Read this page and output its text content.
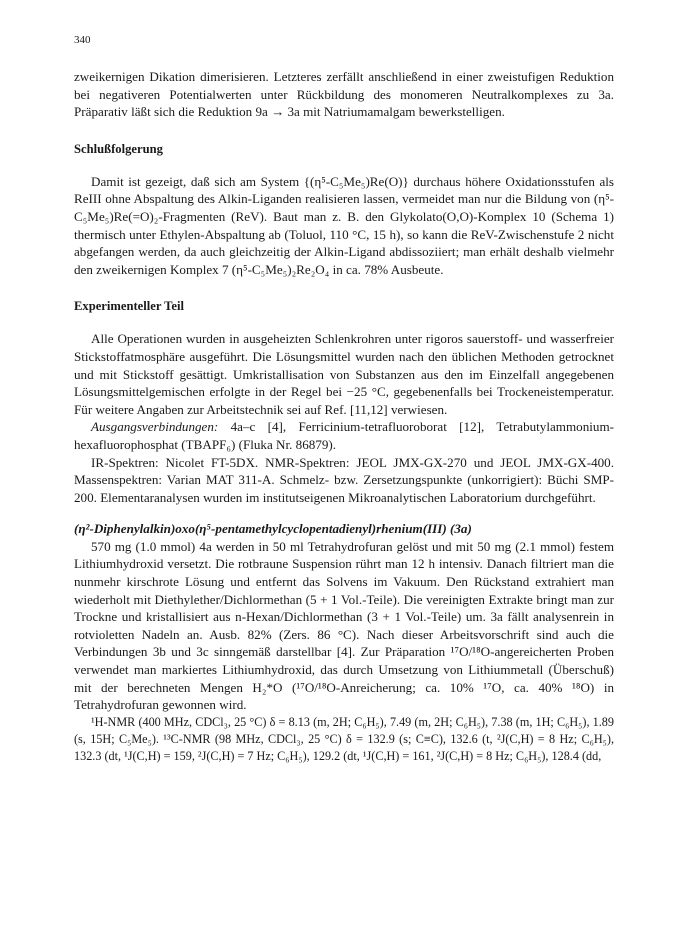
340

zweikernigen Dikation dimerisieren. Letzteres zerfällt anschließend in einer zweistufigen Reduktion bei negativeren Potentialwerten unter Rückbildung des monomeren Neutralkomplexes zu 3a. Präparativ läßt sich die Reduktion 9a → 3a mit Natriumamalgam bewerkstelligen.

Schlußfolgerung

Damit ist gezeigt, daß sich am System {(η⁵-C₅Me₅)Re(O)} durchaus höhere Oxidationsstufen als ReIII ohne Abspaltung des Alkin-Liganden realisieren lassen, vermeidet man nur die Bildung von (η⁵-C₅Me₅)Re(=O)₂-Fragmenten (ReV). Baut man z. B. den Glykolato(O,O)-Komplex 10 (Schema 1) thermisch unter Ethylen-Abspaltung ab (Toluol, 110 °C, 15 h), so kann die ReV-Zwischenstufe 2 nicht abgefangen werden, da auch gleichzeitig der Alkin-Ligand abdissoziiert; man erhält deshalb vielmehr den zweikernigen Komplex 7 (η⁵-C₅Me₅)₂Re₂O₄ in ca. 78% Ausbeute.

Experimenteller Teil

Alle Operationen wurden in ausgeheizten Schlenkrohren unter rigoros sauerstoff- und wasserfreier Stickstoffatmosphäre ausgeführt. Die Lösungsmittel wurden nach den üblichen Methoden getrocknet und mit Stickstoff gesättigt. Umkristallisation von Substanzen aus den im Einzelfall angegebenen Lösungsmittelgemischen erfolgte in der Regel bei −25 °C, gegebenenfalls bei Trockeneistemperatur. Für weitere Angaben zur Arbeitstechnik sei auf Ref. [11,12] verwiesen.

Ausgangsverbindungen: 4a–c [4], Ferricinium-tetrafluoroborat [12], Tetrabutylammonium-hexafluorophosphat (TBAPF₆) (Fluka Nr. 86879).

IR-Spektren: Nicolet FT-5DX. NMR-Spektren: JEOL JMX-GX-270 und JEOL JMX-GX-400. Massenspektren: Varian MAT 311-A. Schmelz- bzw. Zersetzungspunkte (unkorrigiert): Büchi SMP-200. Elementaranalysen wurden im institutseigenen Mikroanalytischen Laboratorium durchgeführt.

(η²-Diphenylalkin)oxo(η⁵-pentamethylcyclopentadienyl)rhenium(III) (3a)

570 mg (1.0 mmol) 4a werden in 50 ml Tetrahydrofuran gelöst und mit 50 mg (2.1 mmol) festem Lithiumhydroxid versetzt. Die rotbraune Suspension rührt man 12 h intensiv. Danach filtriert man die nunmehr kirschrote Lösung und entfernt das Solvens im Vakuum. Den Rückstand extrahiert man wiederholt mit Diethylether/Dichlormethan (5 + 1 Vol.-Teile). Die vereinigten Extrakte bringt man zur Trockne und kristallisiert aus n-Hexan/Dichlormethan (3 + 1 Vol.-Teile) um. 3a fällt analysenrein in rotvioletten Nadeln an. Ausb. 82% (Zers. 86 °C). Nach dieser Arbeitsvorschrift sind auch die Verbindungen 3b und 3c sinngemäß darstellbar [4]. Zur Präparation ¹⁷O/¹⁸O-angereicherten Proben verwendet man markiertes Lithiumhydroxid, das durch Umsetzung von Lithiummetall (Überschuß) mit der berechneten Mengen H₂*O (¹⁷O/¹⁸O-Anreicherung; ca. 10% ¹⁷O, ca. 40% ¹⁸O) in Tetrahydrofuran gewonnen wird.

¹H-NMR (400 MHz, CDCl₃, 25 °C) δ = 8.13 (m, 2H; C₆H₅), 7.49 (m, 2H; C₆H₅), 7.38 (m, 1H; C₆H₅), 1.89 (s, 15H; C₅Me₅). ¹³C-NMR (98 MHz, CDCl₃, 25 °C) δ = 132.9 (s; C≡C), 132.6 (t, ²J(C,H) = 8 Hz; C₆H₅), 132.3 (dt, ¹J(C,H) = 159, ²J(C,H) = 7 Hz; C₆H₅), 129.2 (dt, ¹J(C,H) = 161, ²J(C,H) = 8 Hz; C₆H₅), 128.4 (dd,
